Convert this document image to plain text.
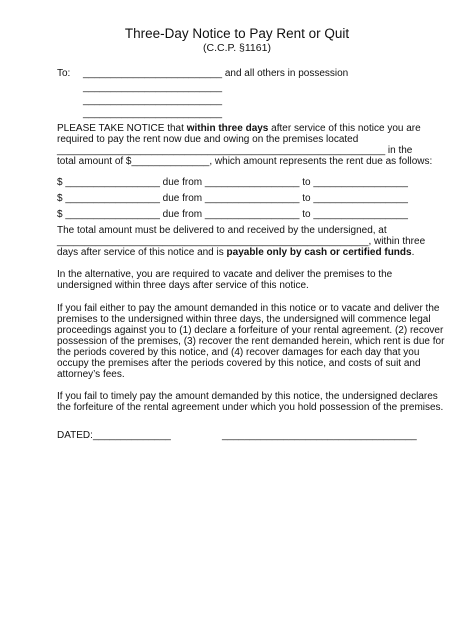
Three-Day Notice to Pay Rent or Quit
(C.C.P. §1161)
To: _________________________ and all others in possession
_________________________
_________________________
_________________________
PLEASE TAKE NOTICE that within three days after service of this notice you are
required to pay the rent now due and owing on the premises located
___________________________________________________________ in the
total amount of $______________, which amount represents the rent due as follows:
$ _________________ due from _________________ to _________________
$ _________________ due from _________________ to _________________
$ _________________ due from _________________ to _________________
The total amount must be delivered to and received by the undersigned, at
________________________________________________________, within three
days after service of this notice and is payable only by cash or certified funds.
In the alternative, you are required to vacate and deliver the premises to the
undersigned within three days after service of this notice.
If you fail either to pay the amount demanded in this notice or to vacate and deliver the
premises to the undersigned within three days, the undersigned will commence legal
proceedings against you to (1) declare a forfeiture of your rental agreement. (2) recover
possession of the premises, (3) recover the rent demanded herein, which rent is due for
the periods covered by this notice, and (4) recover damages for each day that you
occupy the premises after the periods covered by this notice, and costs of suit and
attorney’s fees.
If you fail to timely pay the amount demanded by this notice, the undersigned declares
the forfeiture of the rental agreement under which you hold possession of the premises.
DATED: ______________	___________________________________
